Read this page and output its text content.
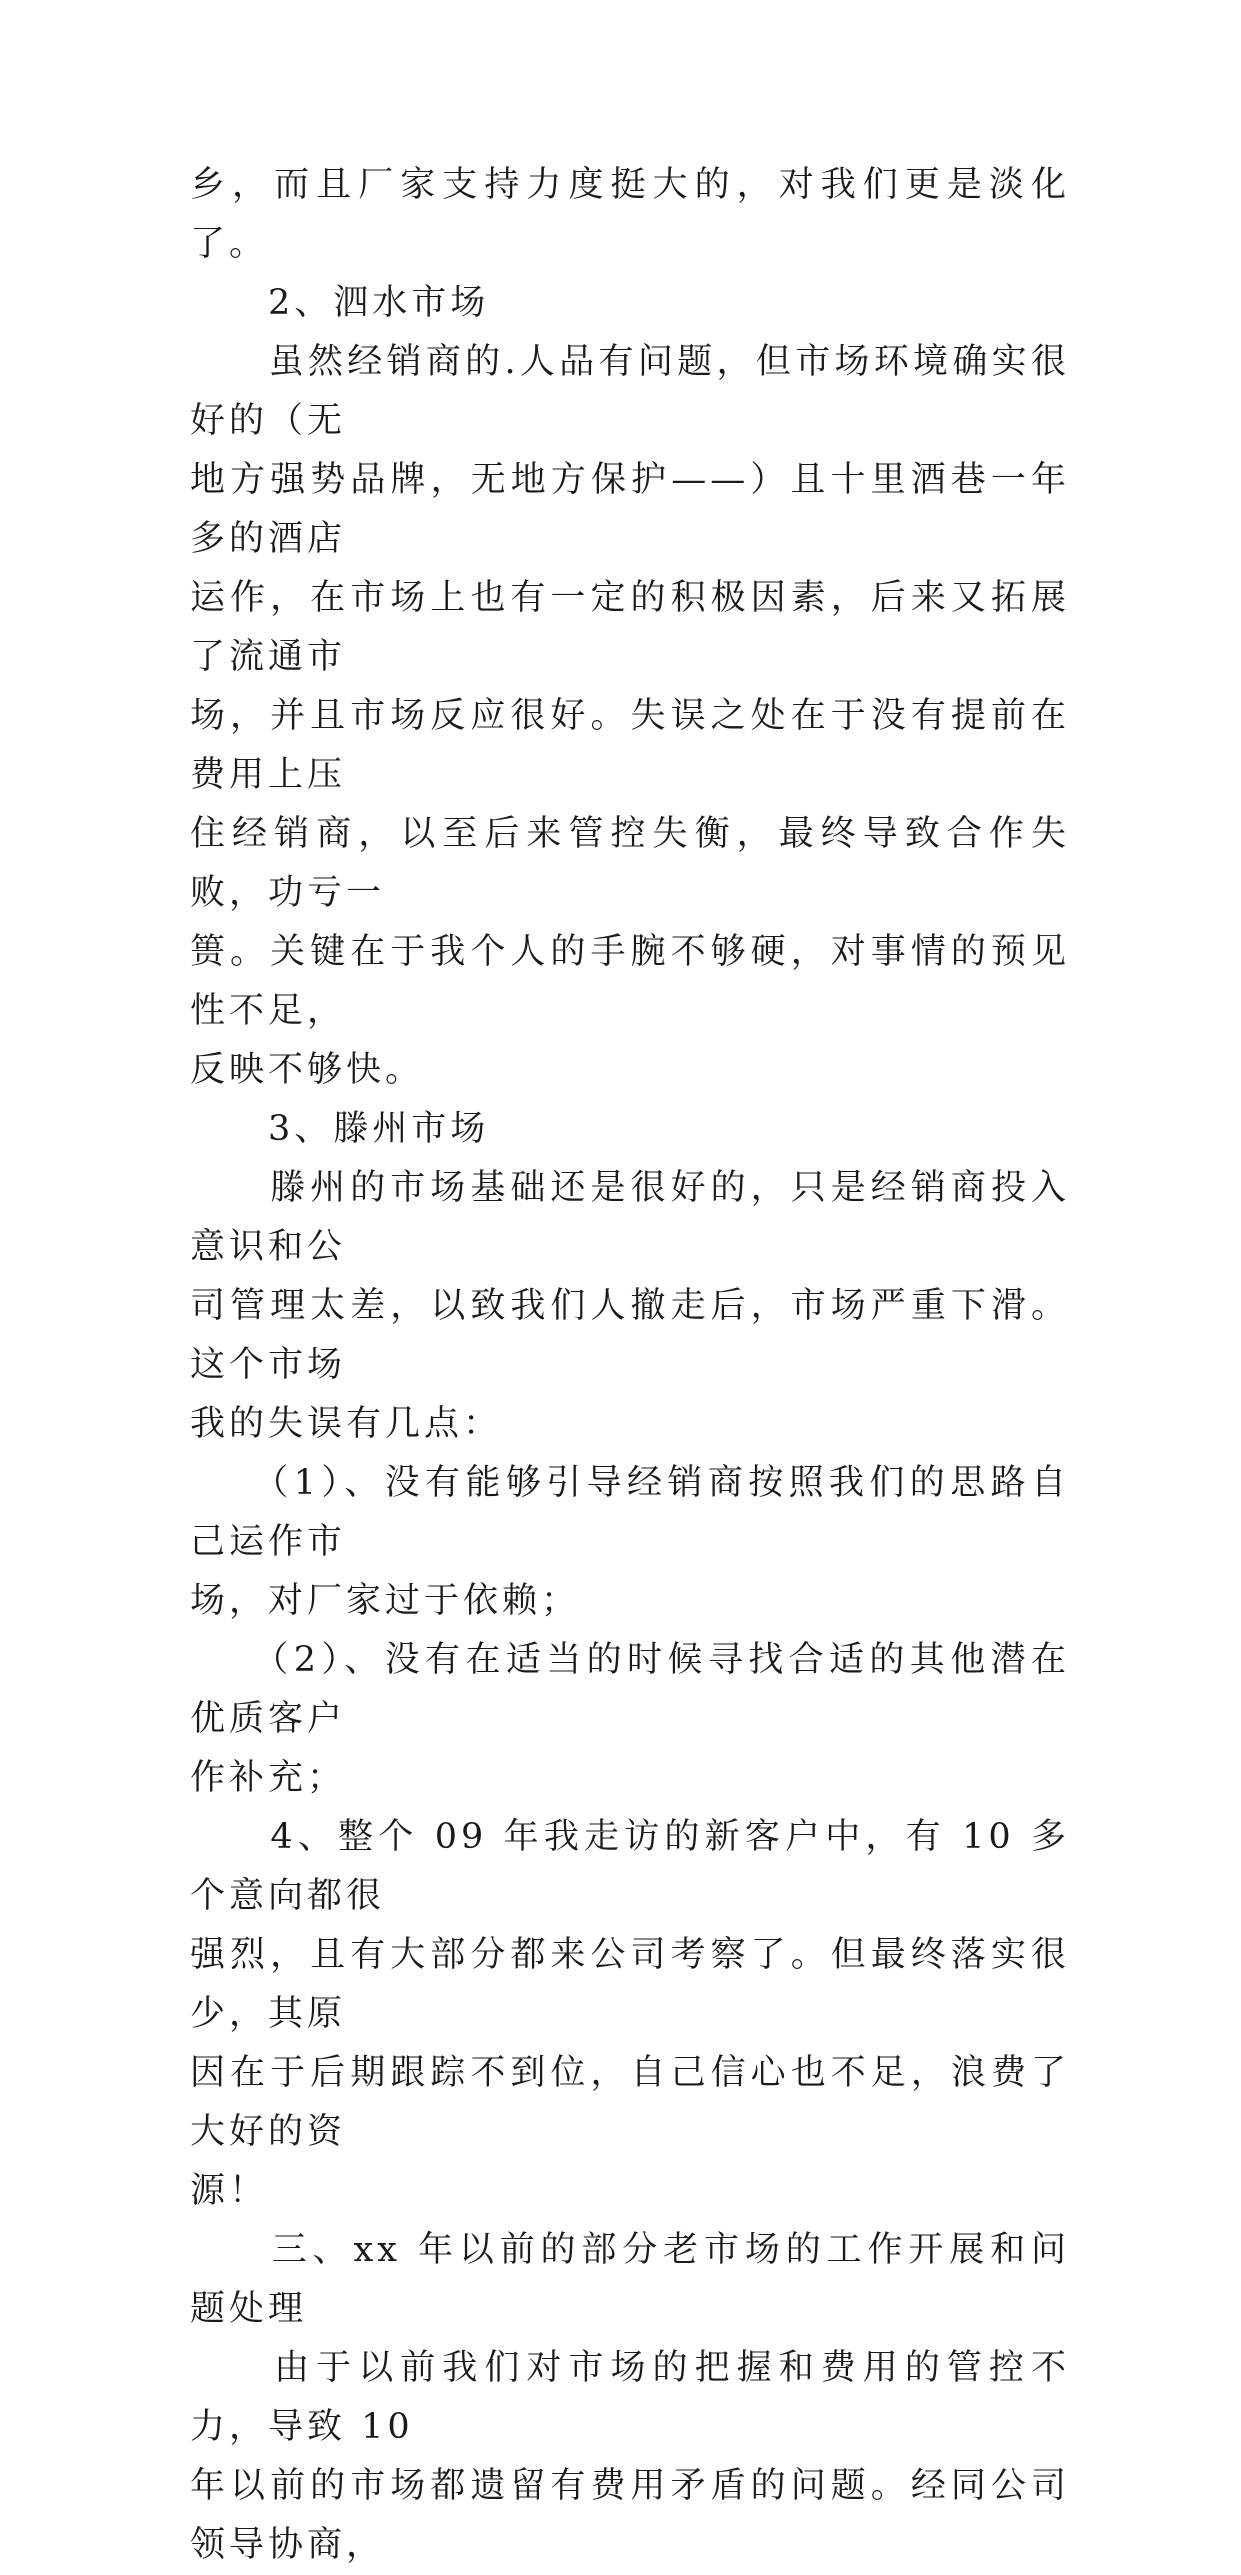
乡，而且厂家支持力度挺大的，对我们更是淡化了。

　　2、泗水市场

　　虽然经销商的.人品有问题，但市场环境确实很好的（无

地方强势品牌，无地方保护——）且十里酒巷一年多的酒店

运作，在市场上也有一定的积极因素，后来又拓展了流通市

场，并且市场反应很好。失误之处在于没有提前在费用上压

住经销商，以至后来管控失衡，最终导致合作失败，功亏一

篑。关键在于我个人的手腕不够硬，对事情的预见性不足，

反映不够快。

　　3、滕州市场

　　滕州的市场基础还是很好的，只是经销商投入意识和公

司管理太差，以致我们人撤走后，市场严重下滑。这个市场

我的失误有几点：

　　（1）、没有能够引导经销商按照我们的思路自己运作市

场，对厂家过于依赖；

　　（2）、没有在适当的时候寻找合适的其他潜在优质客户

作补充；

　　4、整个 09 年我走访的新客户中，有 10 多个意向都很

强烈，且有大部分都来公司考察了。但最终落实很少，其原

因在于后期跟踪不到位，自己信心也不足，浪费了大好的资

源！

　　三、xx 年以前的部分老市场的工作开展和问题处理

　　由于以前我们对市场的把握和费用的管控不力，导致 10

年以前的市场都遗留有费用矛盾的问题。经同公司领导协商，
